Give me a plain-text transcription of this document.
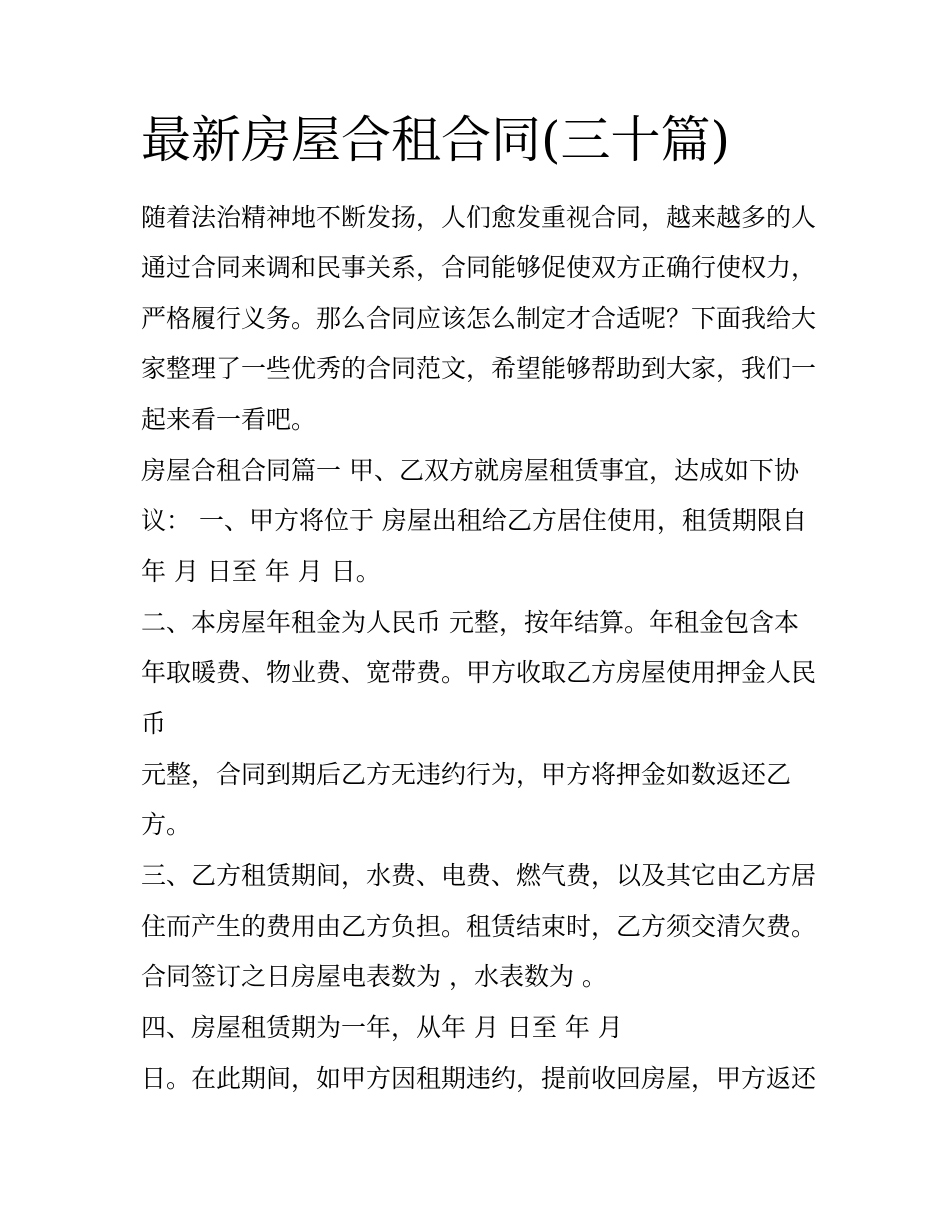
最新房屋合租合同(三十篇)

随着法治精神地不断发扬，人们愈发重视合同，越来越多的人

通过合同来调和民事关系，合同能够促使双方正确行使权力，

严格履行义务。那么合同应该怎么制定才合适呢？下面我给大

家整理了一些优秀的合同范文，希望能够帮助到大家，我们一

起来看一看吧。

房屋合租合同篇一 甲、乙双方就房屋租赁事宜，达成如下协

议： 一、甲方将位于 房屋出租给乙方居住使用，租赁期限自

年 月 日至 年 月 日。

二、本房屋年租金为人民币 元整，按年结算。年租金包含本

年取暖费、物业费、宽带费。甲方收取乙方房屋使用押金人民

币

元整，合同到期后乙方无违约行为，甲方将押金如数返还乙

方。

三、乙方租赁期间，水费、电费、燃气费，以及其它由乙方居

住而产生的费用由乙方负担。租赁结束时，乙方须交清欠费。

合同签订之日房屋电表数为 ，水表数为 。

四、房屋租赁期为一年，从年 月 日至 年 月

日。在此期间，如甲方因租期违约，提前收回房屋，甲方返还
